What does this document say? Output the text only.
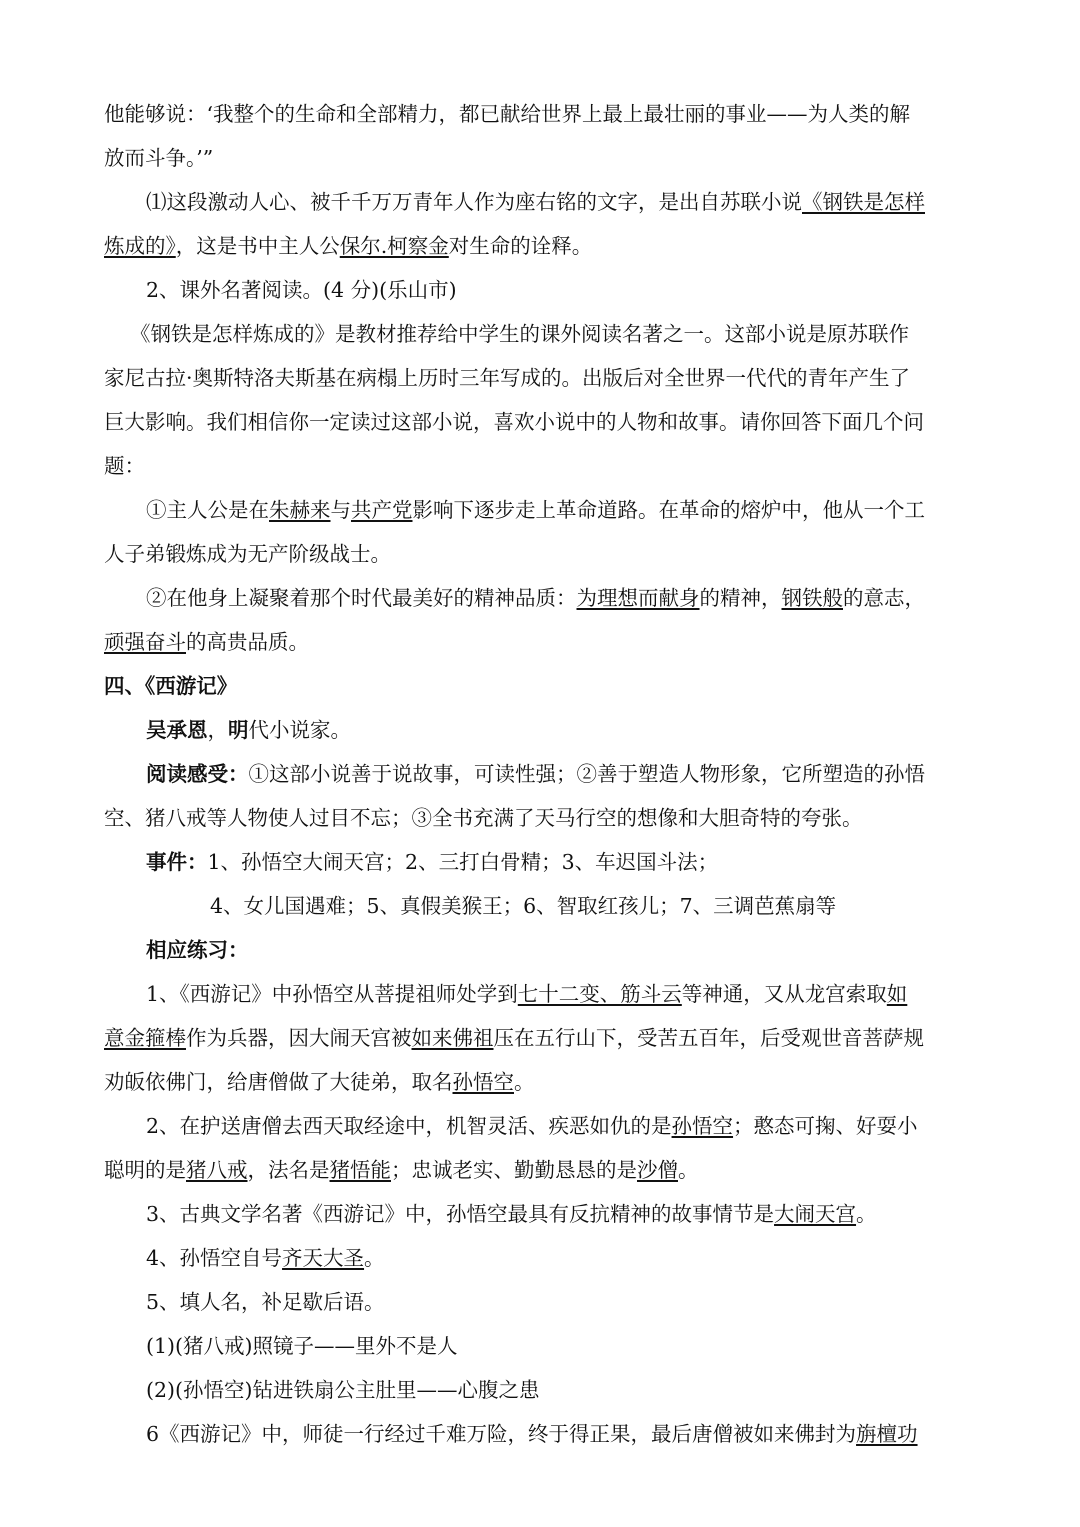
他能够说：‘我整个的生命和全部精力，都已献给世界上最上最壮丽的事业——为人类的解
放而斗争。’”
⑴这段激动人心、被千千万万青年人作为座右铭的文字，是出自苏联小说《钢铁是怎样
炼成的》，这是书中主人公保尔.柯察金对生命的诠释。
2、课外名著阅读。(4 分)(乐山市)
《钢铁是怎样炼成的》是教材推荐给中学生的课外阅读名著之一。这部小说是原苏联作
家尼古拉·奥斯特洛夫斯基在病榻上历时三年写成的。出版后对全世界一代代的青年产生了
巨大影响。我们相信你一定读过这部小说，喜欢小说中的人物和故事。请你回答下面几个问
题：
①主人公是在朱赫来与共产党影响下逐步走上革命道路。在革命的熔炉中，他从一个工
人子弟锻炼成为无产阶级战士。
②在他身上凝聚着那个时代最美好的精神品质：为理想而献身的精神，钢铁般的意志，
顽强奋斗的高贵品质。
四、《西游记》
吴承恩，明代小说家。
阅读感受：①这部小说善于说故事，可读性强；②善于塑造人物形象，它所塑造的孙悟
空、猪八戒等人物使人过目不忘；③全书充满了天马行空的想像和大胆奇特的夸张。
事件：1、孙悟空大闹天宫；2、三打白骨精；3、车迟国斗法；
4、女儿国遇难；5、真假美猴王；6、智取红孩儿；7、三调芭蕉扇等
相应练习：
1、《西游记》中孙悟空从菩提祖师处学到七十二变、筋斗云等神通，又从龙宫索取如
意金箍棒作为兵器，因大闹天宫被如来佛祖压在五行山下，受苦五百年，后受观世音菩萨规
劝皈依佛门，给唐僧做了大徒弟，取名孙悟空。
2、在护送唐僧去西天取经途中，机智灵活、疾恶如仇的是孙悟空；憨态可掬、好耍小
聪明的是猪八戒，法名是猪悟能；忠诚老实、勤勤恳恳的是沙僧。
3、古典文学名著《西游记》中，孙悟空最具有反抗精神的故事情节是大闹天宫。
4、孙悟空自号齐天大圣。
5、填人名，补足歇后语。
(1)(猪八戒)照镜子——里外不是人
(2)(孙悟空)钻进铁扇公主肚里——心腹之患
6《西游记》中，师徒一行经过千难万险，终于得正果，最后唐僧被如来佛封为旃檀功
